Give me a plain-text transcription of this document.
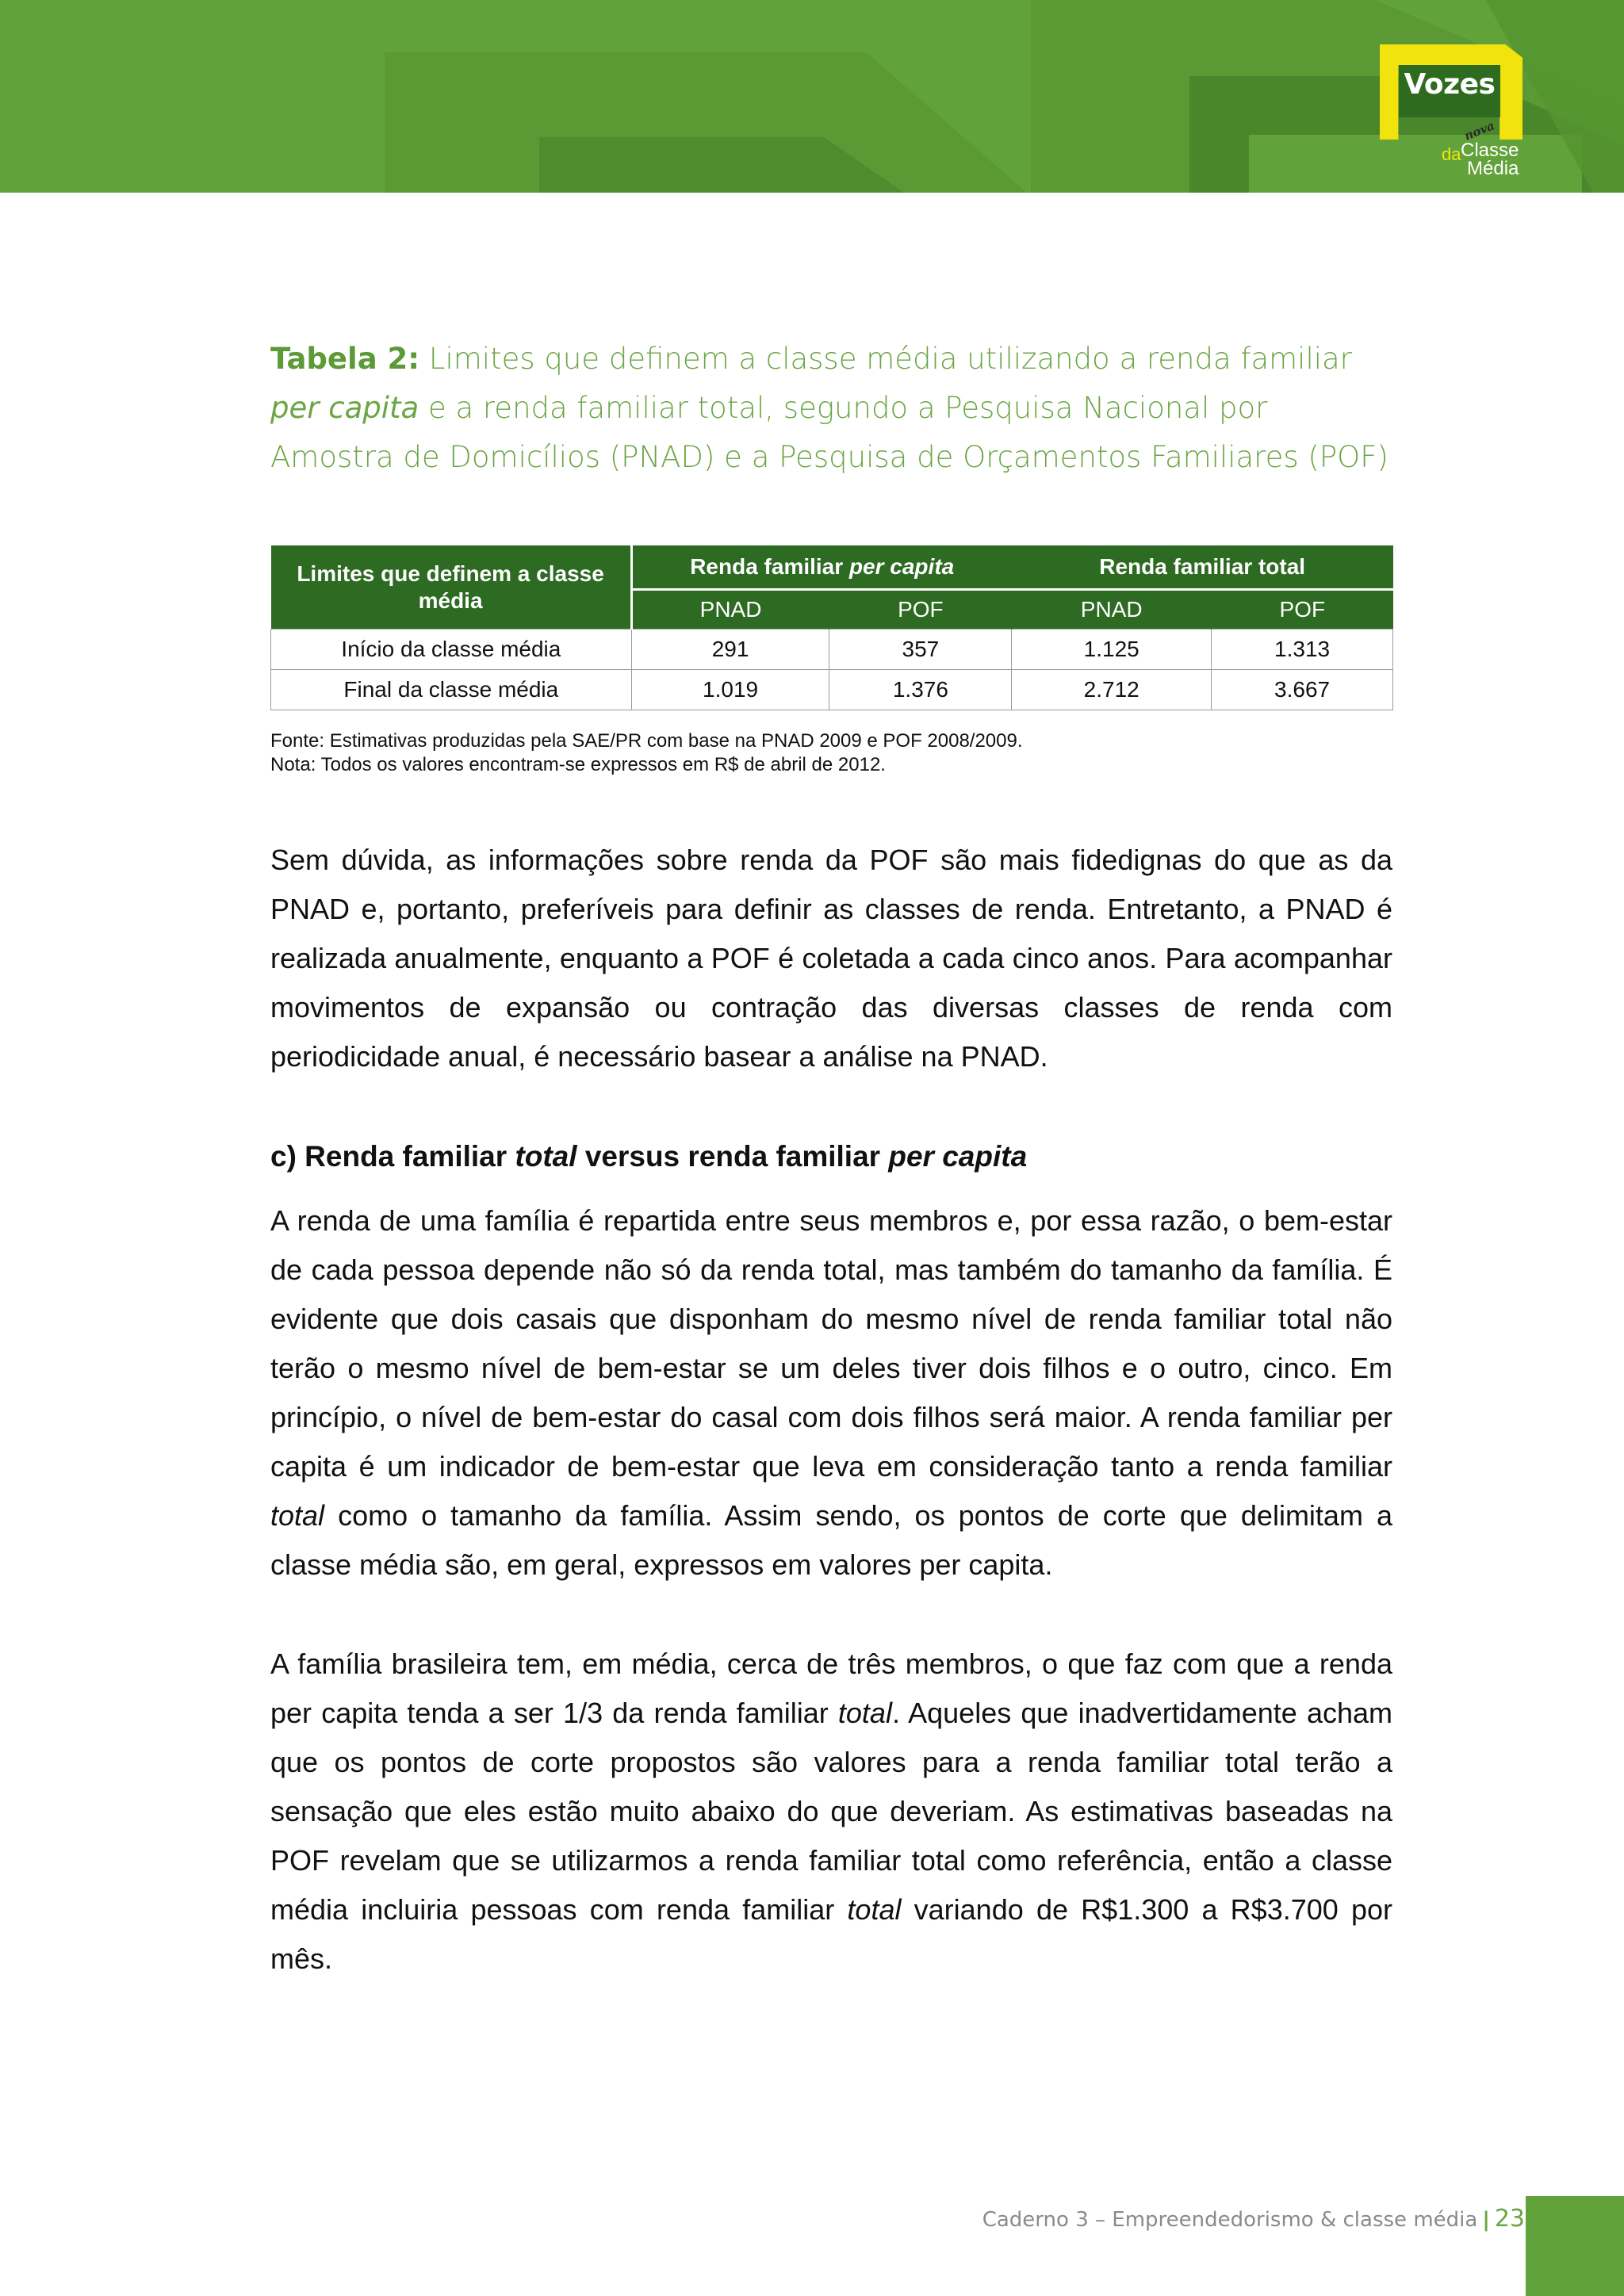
Vozes
nova
da Classe
Média
Tabela 2: Limites que definem a classe média utilizando a renda familiar per capita e a renda familiar total, segundo a Pesquisa Nacional por Amostra de Domicílios (PNAD) e a Pesquisa de Orçamentos Familiares (POF)
Limites que definem a classe média	Renda familiar per capita		Renda familiar total	
	PNAD	POF	PNAD	POF
Início da classe média	291	357	1.125	1.313
Final da classe média	1.019	1.376	2.712	3.667
Fonte: Estimativas produzidas pela SAE/PR com base na PNAD 2009 e POF 2008/2009.
Nota: Todos os valores encontram-se expressos em R$ de abril de 2012.

Sem dúvida, as informações sobre renda da POF são mais fidedignas do que as da PNAD e, portanto, preferíveis para definir as classes de renda. Entretanto, a PNAD é realizada anualmente, enquanto a POF é coletada a cada cinco anos. Para acompanhar movimentos de expansão ou contração das diversas classes de renda com periodicidade anual, é necessário basear a análise na PNAD.

c) Renda familiar total versus renda familiar per capita

A renda de uma família é repartida entre seus membros e, por essa razão, o bem-estar de cada pessoa depende não só da renda total, mas também do tamanho da família. É evidente que dois casais que disponham do mesmo nível de renda familiar total não terão o mesmo nível de bem-estar se um deles tiver dois filhos e o outro, cinco. Em princípio, o nível de bem-estar do casal com dois filhos será maior. A renda familiar per capita é um indicador de bem-estar que leva em consideração tanto a renda familiar total como o tamanho da família. Assim sendo, os pontos de corte que delimitam a classe média são, em geral, expressos em valores per capita.

A família brasileira tem, em média, cerca de três membros, o que faz com que a renda per capita tenda a ser 1/3 da renda familiar total. Aqueles que inadvertidamente acham que os pontos de corte propostos são valores para a renda familiar total terão a sensação que eles estão muito abaixo do que deveriam. As estimativas baseadas na POF revelam que se utilizarmos a renda familiar total como referência, então a classe média incluiria pessoas com renda familiar total variando de R$1.300 a R$3.700 por mês.

Caderno 3 – Empreendedorismo & classe média | 23
